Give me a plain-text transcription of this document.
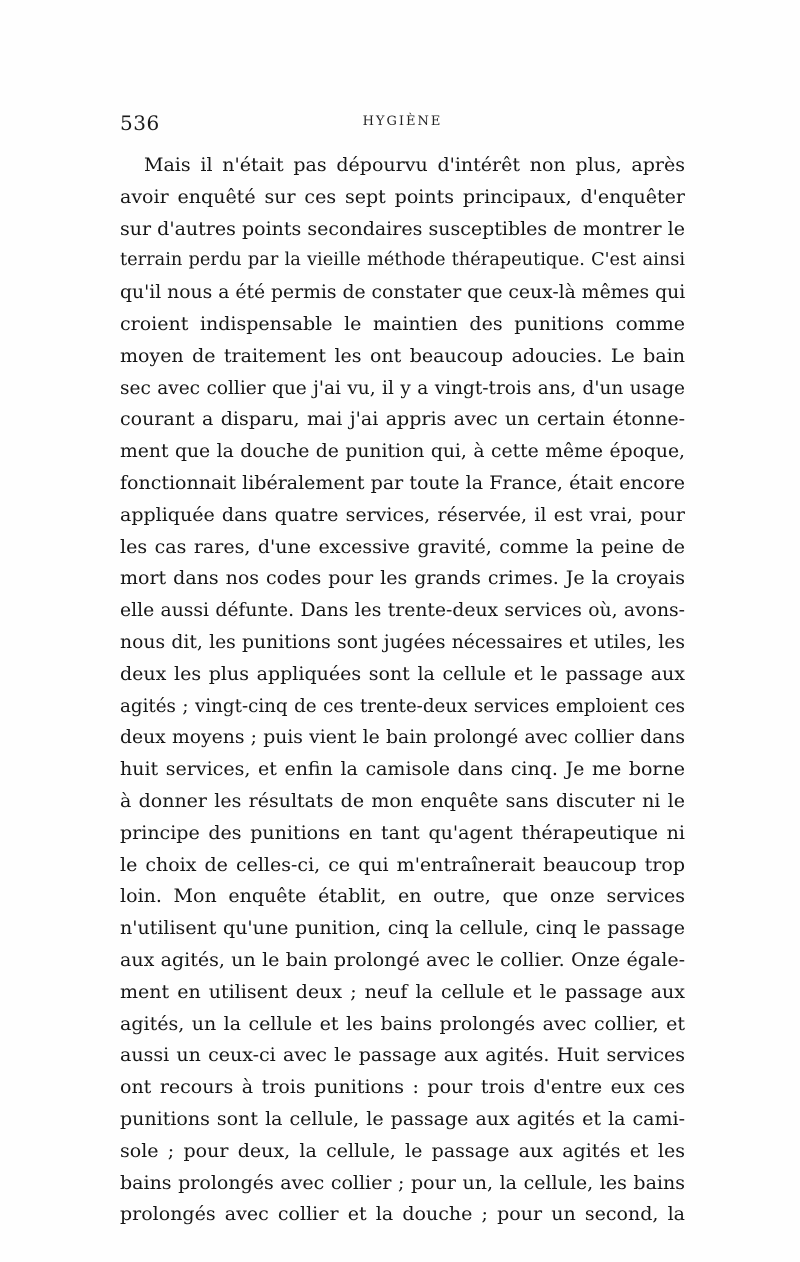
536	HYGIÈNE
Mais il n'était pas dépourvu d'intérêt non plus, après
avoir enquêté sur ces sept points principaux, d'enquêter
sur d'autres points secondaires susceptibles de montrer le
terrain perdu par la vieille méthode thérapeutique. C'est ainsi
qu'il nous a été permis de constater que ceux-là mêmes qui
croient indispensable le maintien des punitions comme
moyen de traitement les ont beaucoup adoucies. Le bain
sec avec collier que j'ai vu, il y a vingt-trois ans, d'un usage
courant a disparu, mai j'ai appris avec un certain étonne-
ment que la douche de punition qui, à cette même époque,
fonctionnait libéralement par toute la France, était encore
appliquée dans quatre services, réservée, il est vrai, pour
les cas rares, d'une excessive gravité, comme la peine de
mort dans nos codes pour les grands crimes. Je la croyais
elle aussi défunte. Dans les trente-deux services où, avons-
nous dit, les punitions sont jugées nécessaires et utiles, les
deux les plus appliquées sont la cellule et le passage aux
agités ; vingt-cinq de ces trente-deux services emploient ces
deux moyens ; puis vient le bain prolongé avec collier dans
huit services, et enfin la camisole dans cinq. Je me borne
à donner les résultats de mon enquête sans discuter ni le
principe des punitions en tant qu'agent thérapeutique ni
le choix de celles-ci, ce qui m'entraînerait beaucoup trop
loin. Mon enquête établit, en outre, que onze services
n'utilisent qu'une punition, cinq la cellule, cinq le passage
aux agités, un le bain prolongé avec le collier. Onze égale-
ment en utilisent deux ; neuf la cellule et le passage aux
agités, un la cellule et les bains prolongés avec collier, et
aussi un ceux-ci avec le passage aux agités. Huit services
ont recours à trois punitions : pour trois d'entre eux ces
punitions sont la cellule, le passage aux agités et la cami-
sole ; pour deux, la cellule, le passage aux agités et les
bains prolongés avec collier ; pour un, la cellule, les bains
prolongés avec collier et la douche ; pour un second, la
